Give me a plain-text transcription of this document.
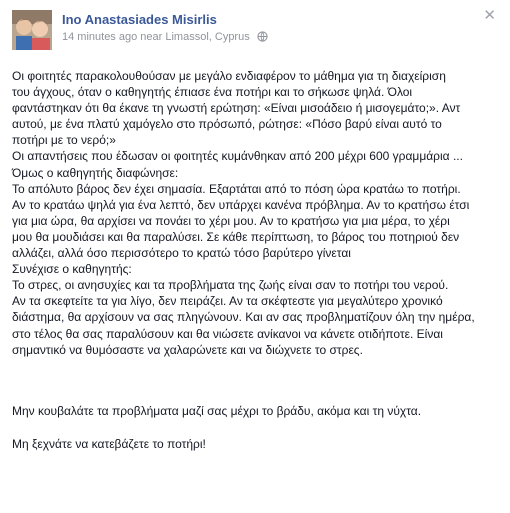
Ino Anastasiades Misirlis
14 minutes ago near Limassol, Cyprus
✕

Οι φοιτητές παρακολουθούσαν με μεγάλο ενδιαφέρον το μάθημα για τη διαχείριση

του άγχους, όταν ο καθηγητής έπιασε ένα ποτήρι και το σήκωσε ψηλά. Όλοι

φαντάστηκαν ότι θα έκανε τη γνωστή ερώτηση: «Είναι μισοάδειο ή μισογεμάτο;». Αντ

αυτού, με ένα πλατύ χαμόγελο στο πρόσωπό, ρώτησε: «Πόσο βαρύ είναι αυτό το

ποτήρι με το νερό;»

Οι απαντήσεις που έδωσαν οι φοιτητές κυμάνθηκαν από 200 μέχρι 600 γραμμάρια ...

Όμως ο καθηγητής διαφώνησε:

Το απόλυτο βάρος δεν έχει σημασία. Εξαρτάται από το πόση ώρα κρατάω το ποτήρι.

Αν το κρατάω ψηλά για ένα λεπτό, δεν υπάρχει κανένα πρόβλημα. Αν το κρατήσω έτσι

για μια ώρα, θα αρχίσει να πονάει το χέρι μου. Αν το κρατήσω για μια μέρα, το χέρι

μου θα μουδιάσει και θα παραλύσει. Σε κάθε περίπτωση, το βάρος του ποτηριού δεν

αλλάζει, αλλά όσο περισσότερο το κρατώ τόσο βαρύτερο γίνεται

Συνέχισε ο καθηγητής:

Το στρες, οι ανησυχίες και τα προβλήματα της ζωής είναι σαν το ποτήρι του νερού.

Αν τα σκεφτείτε τα για λίγο, δεν πειράζει. Αν τα σκέφτεστε για μεγαλύτερο χρονικό

διάστημα, θα αρχίσουν να σας πληγώνουν. Και αν σας προβληματίζουν όλη την ημέρα,

στο τέλος θα σας παραλύσουν και θα νιώσετε ανίκανοι να κάνετε οτιδήποτε. Είναι

σημαντικό να θυμόσαστε να χαλαρώνετε και να διώχνετε το στρες.

Μην κουβαλάτε τα προβλήματα μαζί σας μέχρι το βράδυ, ακόμα και τη νύχτα.

Μη ξεχνάτε να κατεβάζετε το ποτήρι!
